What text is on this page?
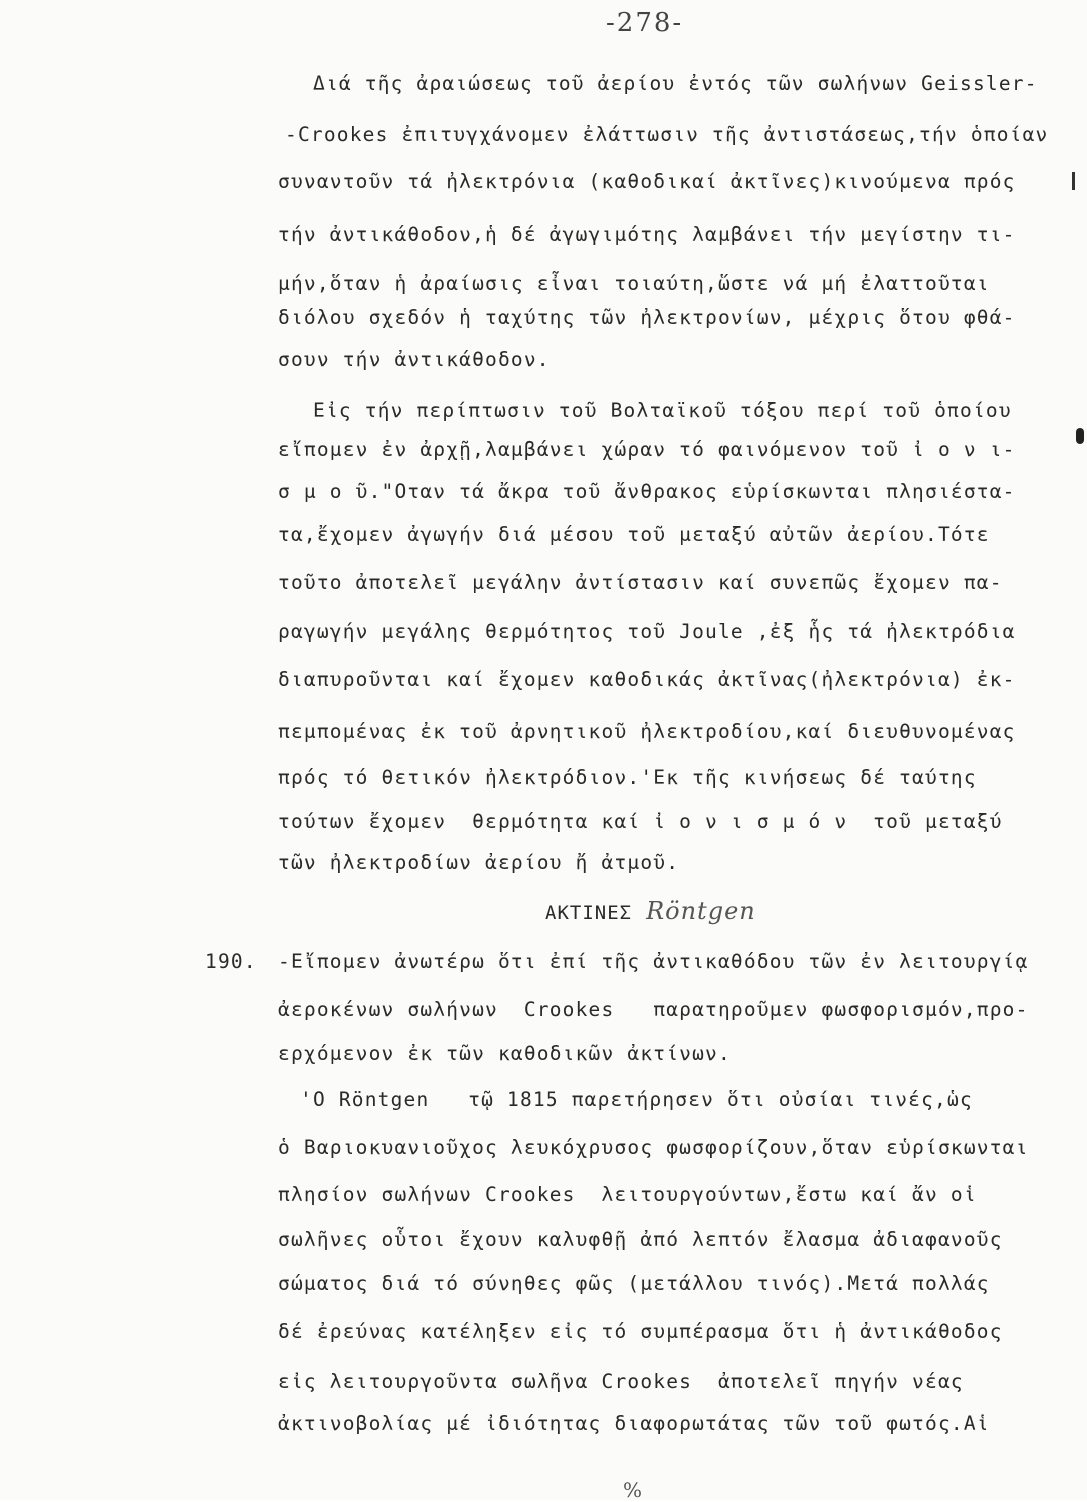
-278-
Διά τῆς ἀραιώσεως τοῦ ἀερίου ἐντός τῶν σωλήνων Geissler-
-Crookes ἐπιτυγχάνομεν ἐλάττωσιν τῆς ἀντιστάσεως,τήν ὁποίαν
συναντοῦν τά ἠλεκτρόνια (καθοδικαί ἀκτῖνες)κινούμενα πρός
τήν ἀντικάθοδον,ἡ δέ ἀγωγιμότης λαμβάνει τήν μεγίστην τι-
μήν,ὅταν ἡ ἀραίωσις εἶναι τοιαύτη,ὥστε νά μή ἐλαττοῦται
διόλου σχεδόν ἡ ταχύτης τῶν ἠλεκτρονίων, μέχρις ὅτου φθά-
σουν τήν ἀντικάθοδον.
Εἰς τήν περίπτωσιν τοῦ Βολταϊκοῦ τόξου περί τοῦ ὁποίου
εἴπομεν ἐν ἀρχῇ,λαμβάνει χώραν τό φαινόμενον τοῦ ἰ ο ν ι-
σ μ ο ῦ."Οταν τά ἄκρα τοῦ ἄνθρακος εὑρίσκωνται πλησιέστα-
τα,ἔχομεν ἀγωγήν διά μέσου τοῦ μεταξύ αὐτῶν ἀερίου.Τότε
τοῦτο ἀποτελεῖ μεγάλην ἀντίστασιν καί συνεπῶς ἔχομεν πα-
ραγωγήν μεγάλης θερμότητος τοῦ Joule ,ἐξ ἧς τά ἠλεκτρόδια
διαπυροῦνται καί ἔχομεν καθοδικάς ἀκτῖνας(ἠλεκτρόνια) ἐκ-
πεμπομένας ἐκ τοῦ ἀρνητικοῦ ἠλεκτροδίου,καί διευθυνομένας
πρός τό θετικόν ἠλεκτρόδιον.'Εκ τῆς κινήσεως δέ ταύτης
τούτων ἔχομεν  θερμότητα καί ἰ ο ν ι σ μ ό ν  τοῦ μεταξύ
τῶν ἠλεκτροδίων ἀερίου ἤ ἀτμοῦ.
ΑΚΤΙΝΕΣ Röntgen
190. -Εἴπομεν ἀνωτέρω ὅτι ἐπί τῆς ἀντικαθόδου τῶν ἐν λειτουργίᾳ
ἀεροκένων σωλήνων  Crookes   παρατηροῦμεν φωσφορισμόν,προ-
ερχόμενον ἐκ τῶν καθοδικῶν ἀκτίνων.
'Ο Röntgen   τῷ 1815 παρετήρησεν ὅτι οὐσίαι τινές,ὡς
ὁ Βαριοκυανιοῦχος λευκόχρυσος φωσφορίζουν,ὅταν εὑρίσκωνται
πλησίον σωλήνων Crookes  λειτουργούντων,ἔστω καί ἄν οἱ
σωλῆνες οὗτοι ἔχουν καλυφθῇ ἀπό λεπτόν ἔλασμα ἀδιαφανοῦς
σώματος διά τό σύνηθες φῶς (μετάλλου τινός).Μετά πολλάς
δέ ἐρεύνας κατέληξεν εἰς τό συμπέρασμα ὅτι ἡ ἀντικάθοδος
εἰς λειτουργοῦντα σωλῆνα Crookes  ἀποτελεῖ πηγήν νέας
ἀκτινοβολίας μέ ἰδιότητας διαφορωτάτας τῶν τοῦ φωτός.Αἱ
%
